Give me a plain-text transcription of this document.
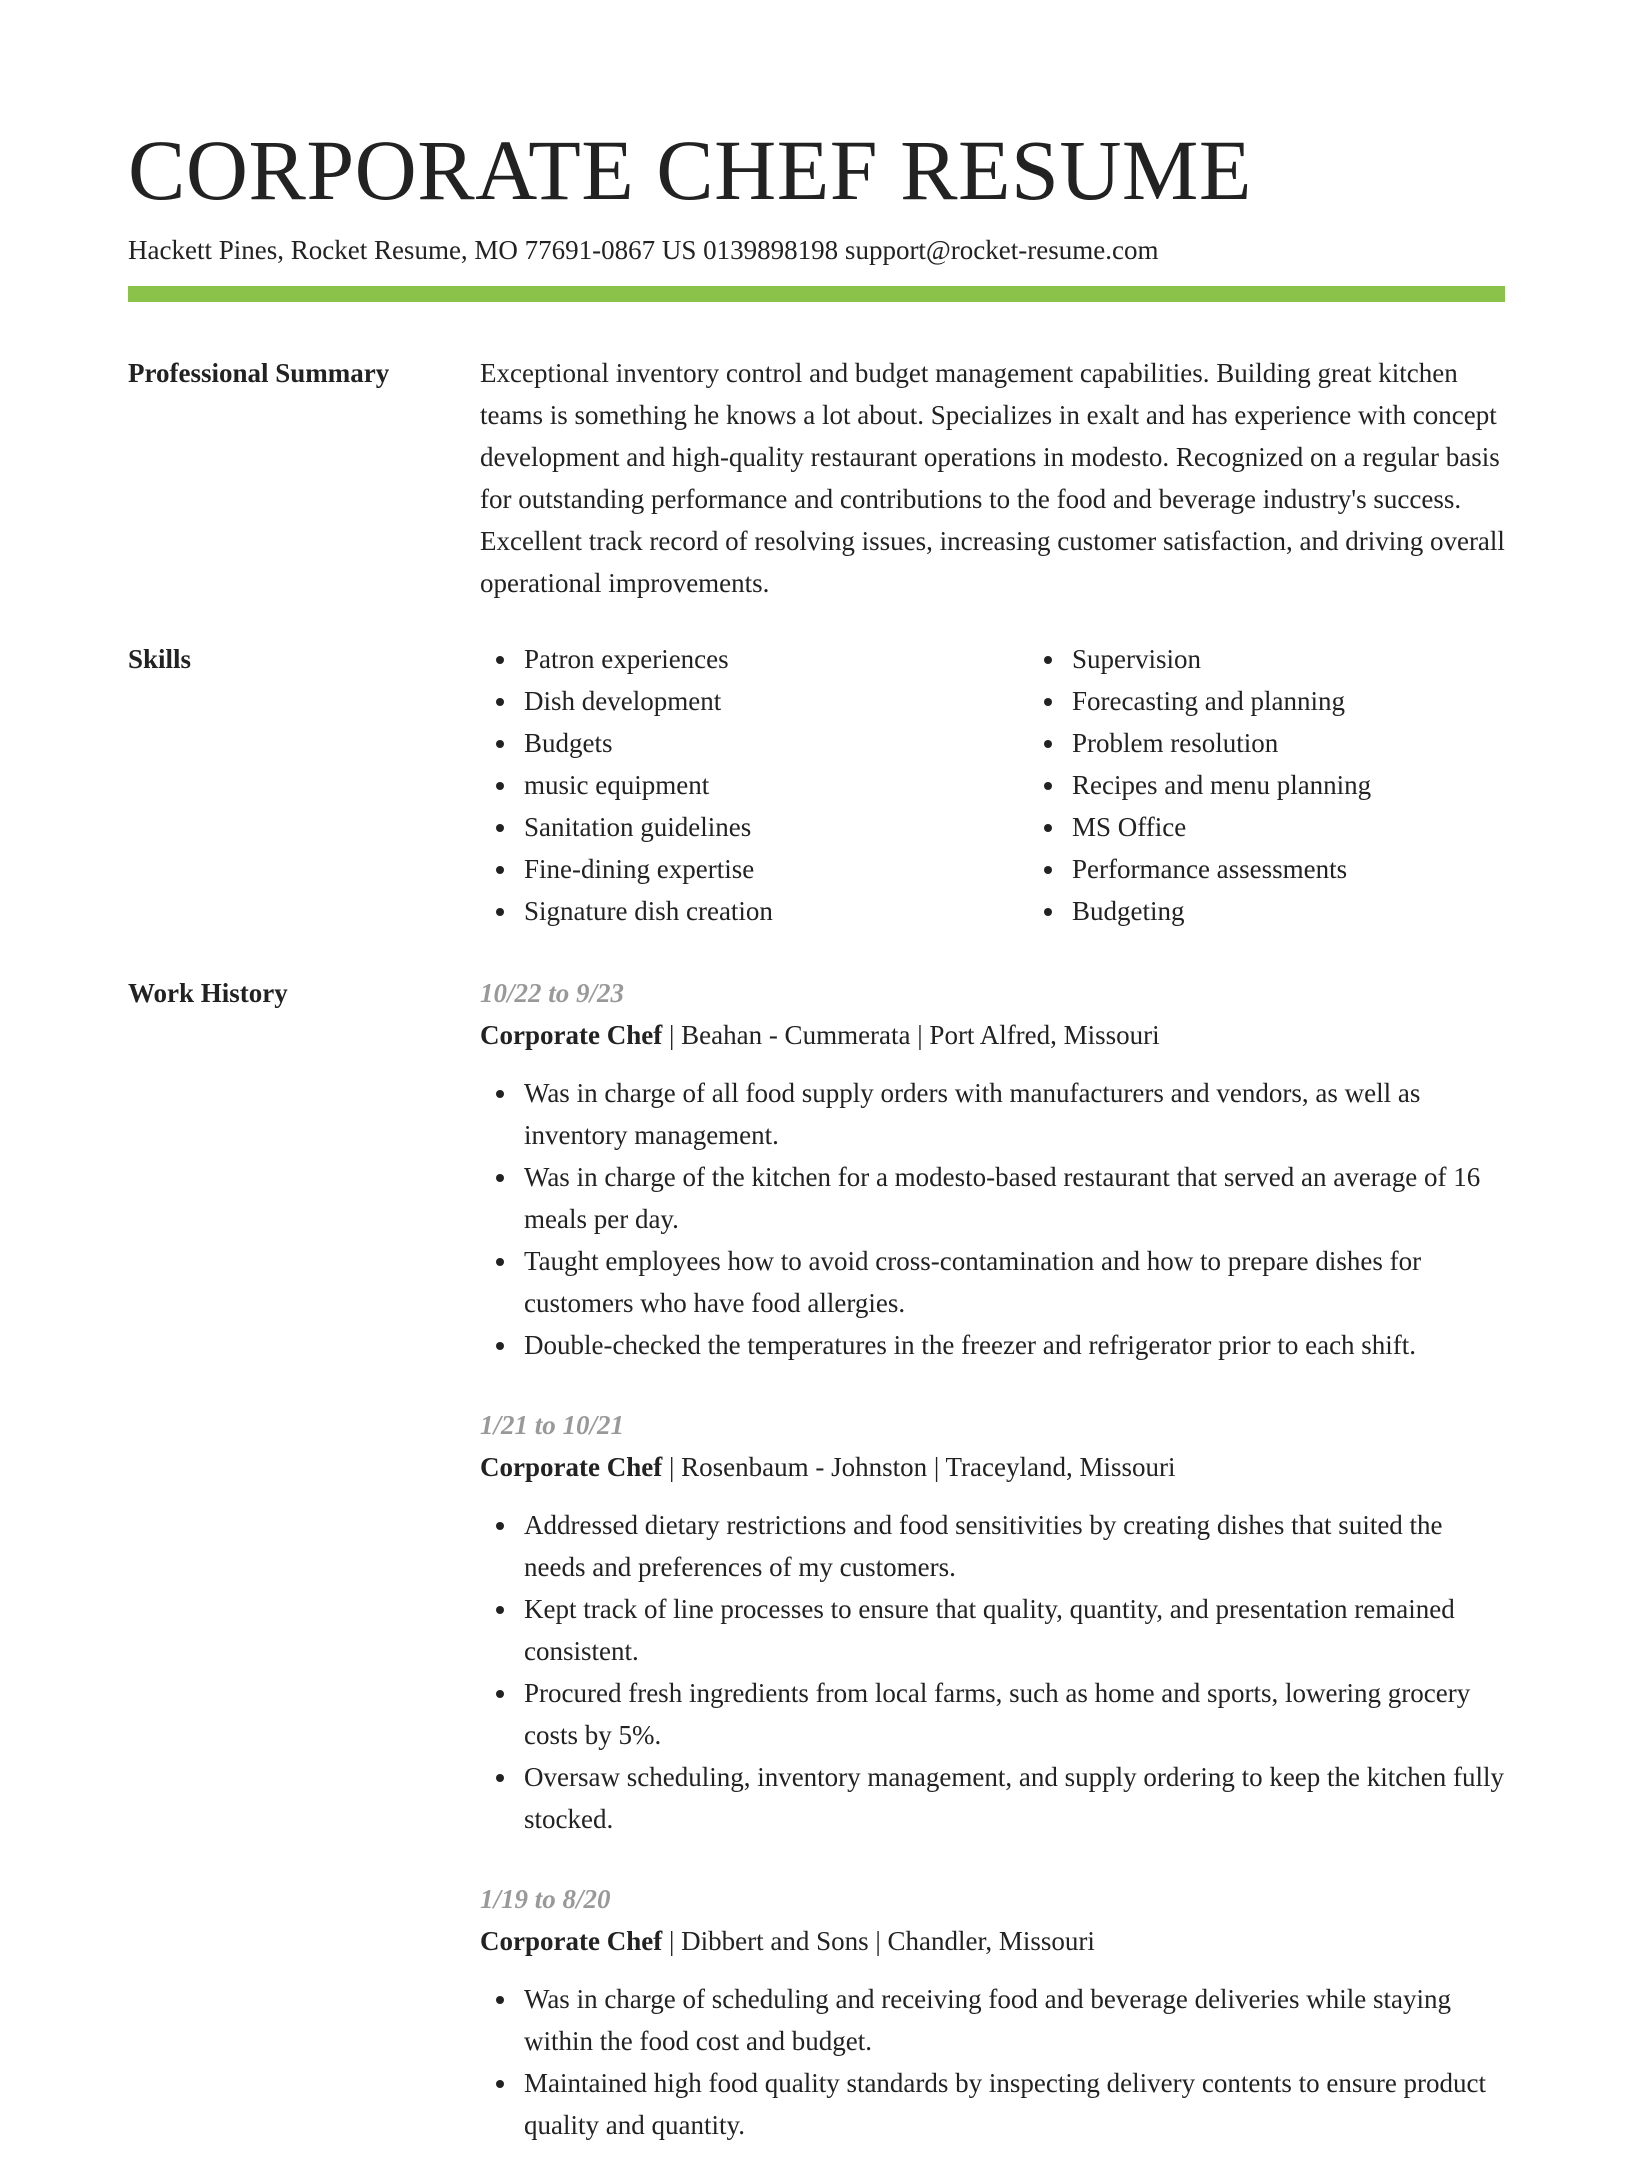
CORPORATE CHEF RESUME
Hackett Pines, Rocket Resume, MO 77691-0867 US 0139898198 support@rocket-resume.com
Professional Summary	Exceptional inventory control and budget management capabilities. Building great kitchen teams is something he knows a lot about. Specializes in exalt and has experience with concept development and high-quality restaurant operations in modesto. Recognized on a regular basis for outstanding performance and contributions to the food and beverage industry's success. Excellent track record of resolving issues, increasing customer satisfaction, and driving overall operational improvements.

Skills	Patron experiences
Dish development
Budgets
music equipment
Sanitation guidelines
Fine-dining expertise
Signature dish creation
Supervision
Forecasting and planning
Problem resolution
Recipes and menu planning
MS Office
Performance assessments
Budgeting
Work History	10/22 to 9/23
Corporate Chef | Beahan - Cummerata | Port Alfred, Missouri
Was in charge of all food supply orders with manufacturers and vendors, as well as inventory management.
Was in charge of the kitchen for a modesto-based restaurant that served an average of 16 meals per day.
Taught employees how to avoid cross-contamination and how to prepare dishes for customers who have food allergies.
Double-checked the temperatures in the freezer and refrigerator prior to each shift.
1/21 to 10/21
Corporate Chef | Rosenbaum - Johnston | Traceyland, Missouri
Addressed dietary restrictions and food sensitivities by creating dishes that suited the needs and preferences of my customers.
Kept track of line processes to ensure that quality, quantity, and presentation remained consistent.
Procured fresh ingredients from local farms, such as home and sports, lowering grocery costs by 5%.
Oversaw scheduling, inventory management, and supply ordering to keep the kitchen fully stocked.
1/19 to 8/20
Corporate Chef | Dibbert and Sons | Chandler, Missouri
Was in charge of scheduling and receiving food and beverage deliveries while staying within the food cost and budget.
Maintained high food quality standards by inspecting delivery contents to ensure product quality and quantity.
